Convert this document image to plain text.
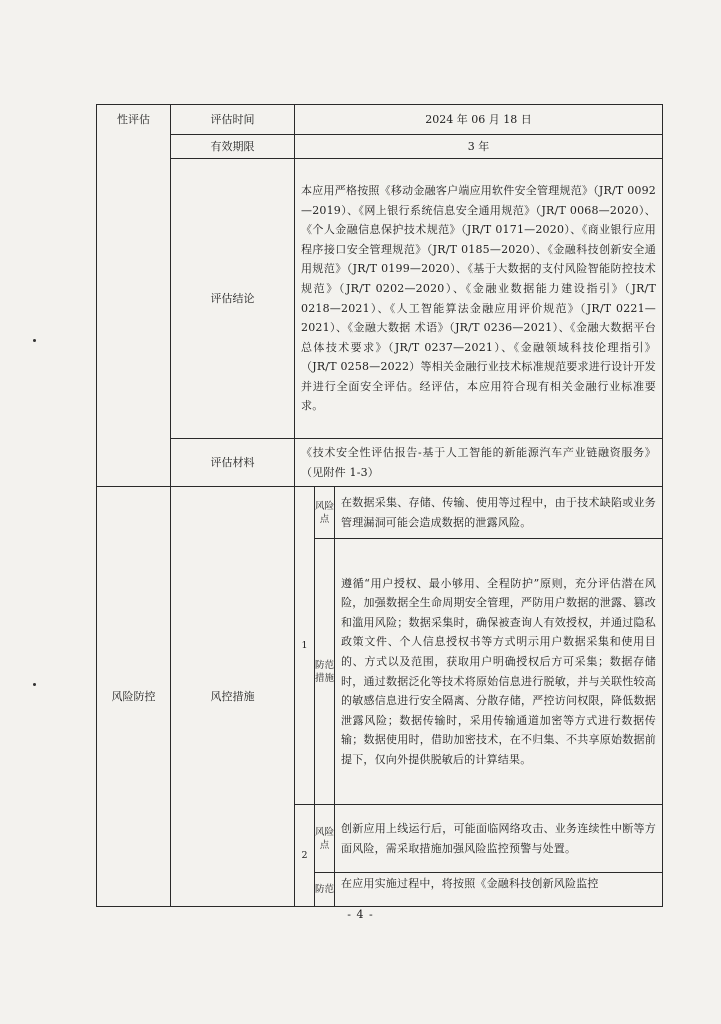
性评估	评估时间	2024 年 06 月 18 日		
	有效期限	3 年		
	评估结论	本应用严格按照《移动金融客户端应用软件安全管理规范》（JR/T 0092—2019）、《网上银行系统信息安全通用规范》（JR/T 0068—2020）、《个人金融信息保护技术规范》（JR/T 0171—2020）、《商业银行应用程序接口安全管理规范》（JR/T 0185—2020）、《金融科技创新安全通用规范》（JR/T 0199—2020）、《基于大数据的支付风险智能防控技术规范》（JR/T 0202—2020）、《金融业数据能力建设指引》（JR/T 0218—2021）、《人工智能算法金融应用评价规范》（JR/T 0221—2021）、《金融大数据 术语》（JR/T 0236—2021）、《金融大数据平台总体技术要求》（JR/T 0237—2021）、《金融领域科技伦理指引》（JR/T 0258—2022）等相关金融行业技术标准规范要求进行设计开发并进行全面安全评估。经评估，本应用符合现有相关金融行业标准要求。		
	评估材料	《技术安全性评估报告-基于人工智能的新能源汽车产业链融资服务》（见附件 1-3）		
风险防控	风控措施	1	风险点	在数据采集、存储、传输、使用等过程中，由于技术缺陷或业务管理漏洞可能会造成数据的泄露风险。
			防范措施	遵循“用户授权、最小够用、全程防护”原则，充分评估潜在风险，加强数据全生命周期安全管理，严防用户数据的泄露、篡改和滥用风险；数据采集时，确保被查询人有效授权，并通过隐私政策文件、个人信息授权书等方式明示用户数据采集和使用目的、方式以及范围，获取用户明确授权后方可采集；数据存储时，通过数据泛化等技术将原始信息进行脱敏，并与关联性较高的敏感信息进行安全隔离、分散存储，严控访问权限，降低数据泄露风险；数据传输时，采用传输通道加密等方式进行数据传输；数据使用时，借助加密技术，在不归集、不共享原始数据前提下，仅向外提供脱敏后的计算结果。
		2	风险点	创新应用上线运行后，可能面临网络攻击、业务连续性中断等方面风险，需采取措施加强风险监控预警与处置。
			防范	在应用实施过程中，将按照《金融科技创新风险监控
- 4 -
